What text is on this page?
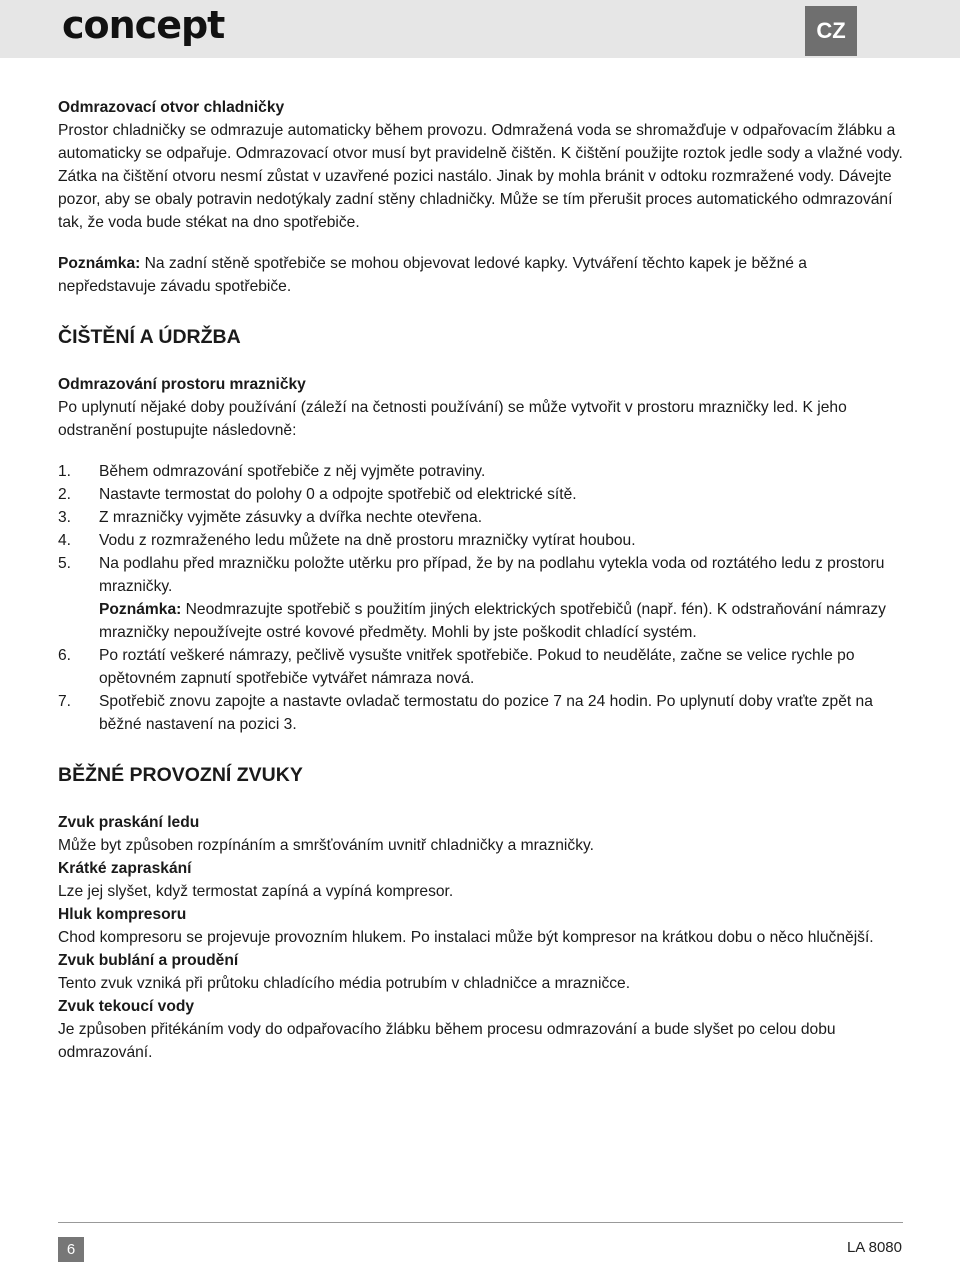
concept	CZ

Odmrazovací otvor chladničky

Prostor chladničky se odmrazuje automaticky během provozu. Odmražená voda se shromažďuje v odpařovacím žlábku a automaticky se odpařuje. Odmrazovací otvor musí byt pravidelně čištěn. K čištění použijte roztok jedle sody a vlažné vody.

Zátka na čištění otvoru nesmí zůstat v uzavřené pozici nastálo. Jinak by mohla bránit v odtoku rozmražené vody. Dávejte pozor, aby se obaly potravin nedotýkaly zadní stěny chladničky. Může se tím přerušit proces automatického odmrazování tak, že voda bude stékat na dno spotřebiče.

Poznámka: Na zadní stěně spotřebiče se mohou objevovat ledové kapky. Vytváření těchto kapek je běžné a nepředstavuje závadu spotřebiče.

ČIŠTĚNÍ A ÚDRŽBA

Odmrazování prostoru mrazničky

Po uplynutí nějaké doby používání (záleží na četnosti používání) se může vytvořit v prostoru mrazničky led. K jeho odstranění postupujte následovně:

1. Během odmrazování spotřebiče z něj vyjměte potraviny.
2. Nastavte termostat do polohy 0 a odpojte spotřebič od elektrické sítě.
3. Z mrazničky vyjměte zásuvky a dvířka nechte otevřena.
4. Vodu z rozmraženého ledu můžete na dně prostoru mrazničky vytírat houbou.
5. Na podlahu před mrazničku položte utěrku pro případ, že by na podlahu vytekla voda od roztátého ledu z prostoru mrazničky.
Poznámka: Neodmrazujte spotřebič s použitím jiných elektrických spotřebičů (např. fén). K odstraňování námrazy mrazničky nepoužívejte ostré kovové předměty. Mohli by jste poškodit chladící systém.
6. Po roztátí veškeré námrazy, pečlivě vysušte vnitřek spotřebiče. Pokud to neuděláte, začne se velice rychle po opětovném zapnutí spotřebiče vytvářet námraza nová.
7. Spotřebič znovu zapojte a nastavte ovladač termostatu do pozice 7 na 24 hodin. Po uplynutí doby vraťte zpět na běžné nastavení na pozici 3.

BĚŽNÉ PROVOZNÍ ZVUKY

Zvuk praskání ledu

Může byt způsoben rozpínáním a smršťováním uvnitř chladničky a mrazničky.

Krátké zapraskání

Lze jej slyšet, když termostat zapíná a vypíná kompresor.

Hluk kompresoru

Chod kompresoru se projevuje provozním hlukem. Po instalaci může být kompresor na krátkou dobu o něco hlučnější.

Zvuk bublání a proudění

Tento zvuk vzniká při průtoku chladícího média potrubím v chladničce a mrazničce.

Zvuk tekoucí vody

Je způsoben přitékáním vody do odpařovacího žlábku během procesu odmrazování a bude slyšet po celou dobu odmrazování.

6	LA 8080
